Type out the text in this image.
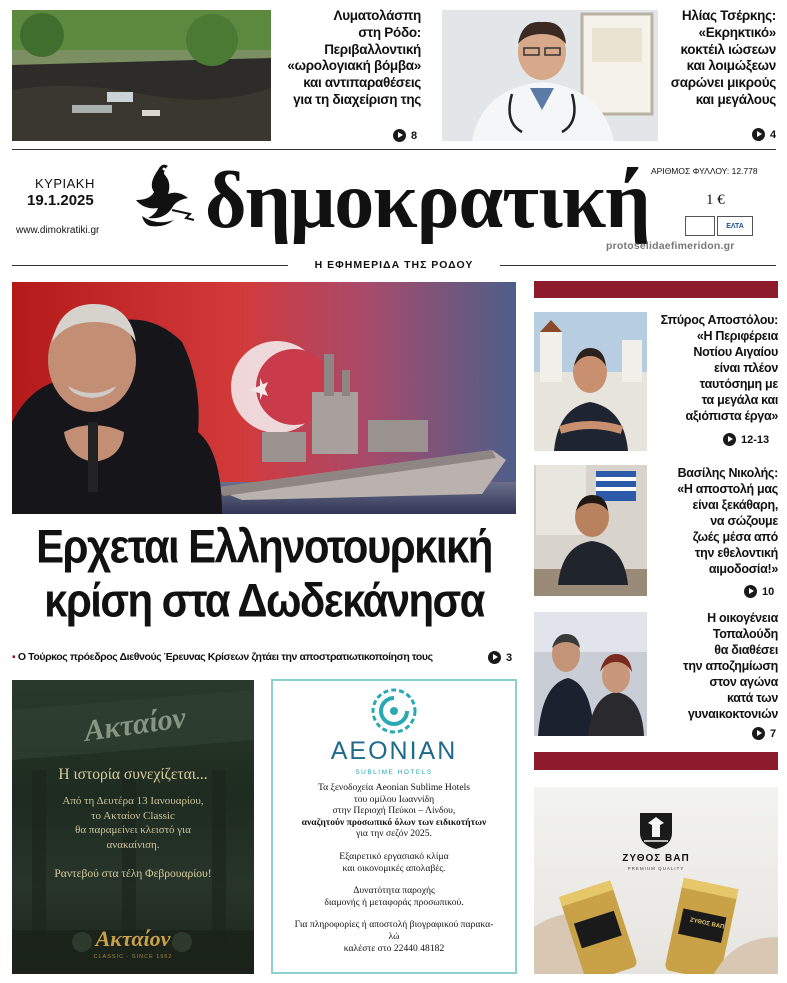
Λυματολάσπη
στη Ρόδο:
Περιβαλλοντική
«ωρολογιακή βόμβα»
και αντιπαραθέσεις
για τη διαχείριση της
8
Ηλίας Τσέρκης:
«Εκρηκτικό»
κοκτέιλ ιώσεων
και λοιμώξεων
σαρώνει μικρούς
και μεγάλους
4
ΚΥΡΙΑΚΗ
19.1.2025
www.dimokratiki.gr δημοκρατική ΑΡΙΘΜΟΣ ΦΥΛΛΟΥ: 12.778
1 €
ΕΛΤΑ
protoselidaefimeridon.gr
Η ΕΦΗΜΕΡΙΔΑ ΤΗΣ ΡΟΔΟΥ
Ερχεται Ελληνοτουρκική
κρίση στα Δωδεκάνησα
▪ Ο Τούρκος πρόεδρος Διεθνούς Έρευνας Κρίσεων ζητάει την αποστρατιωτικοποίηση τους	3
Σπύρος Αποστόλου:
«Η Περιφέρεια
Νοτίου Αιγαίου
είναι πλέον
ταυτόσημη με
τα μεγάλα και
αξιόπιστα έργα»
12-13
Βασίλης Νικολής:
«Η αποστολή μας
είναι ξεκάθαρη,
να σώζουμε
ζωές μέσα από
την εθελοντική
αιμοδοσία!»
10
Η οικογένεια
Τοπαλούδη
θα διαθέσει
την αποζημίωση
στον αγώνα
κατά των
γυναικοκτονιών
7
Ακταίον
Η ιστορία συνεχίζεται...
Από τη Δευτέρα 13 Ιανουαρίου,
το Ακταίον Classic
θα παραμείνει κλειστό για
ανακαίνιση.
Ραντεβού στα τέλη Φεβρουαρίου!
Ακταίον
CLASSIC · SINCE 1962
AEONIAN
SUBLIME HOTELS
Τα ξενοδοχεία Aeonian Sublime Hotels
του ομίλου Ιωαννίδη
στην Περιοχή Πεύκοι – Λίνδου,
αναζητούν προσωπικό όλων των ειδικοτήτων
για την σεζόν 2025.
Εξαιρετικό εργασιακό κλίμα
και οικονομικές απολαβές.
Δυνατότητα παροχής
διαμονής ή μεταφοράς προσωπικού.
Για πληροφορίες ή αποστολή βιογραφικού παρακα-
λώ
καλέστε στο 22440 48182
ΖΥΘΟΣ ΒΑΠ
PREMIUM QUALITY
ΖΥΘΟΣ ΒΑΠ
